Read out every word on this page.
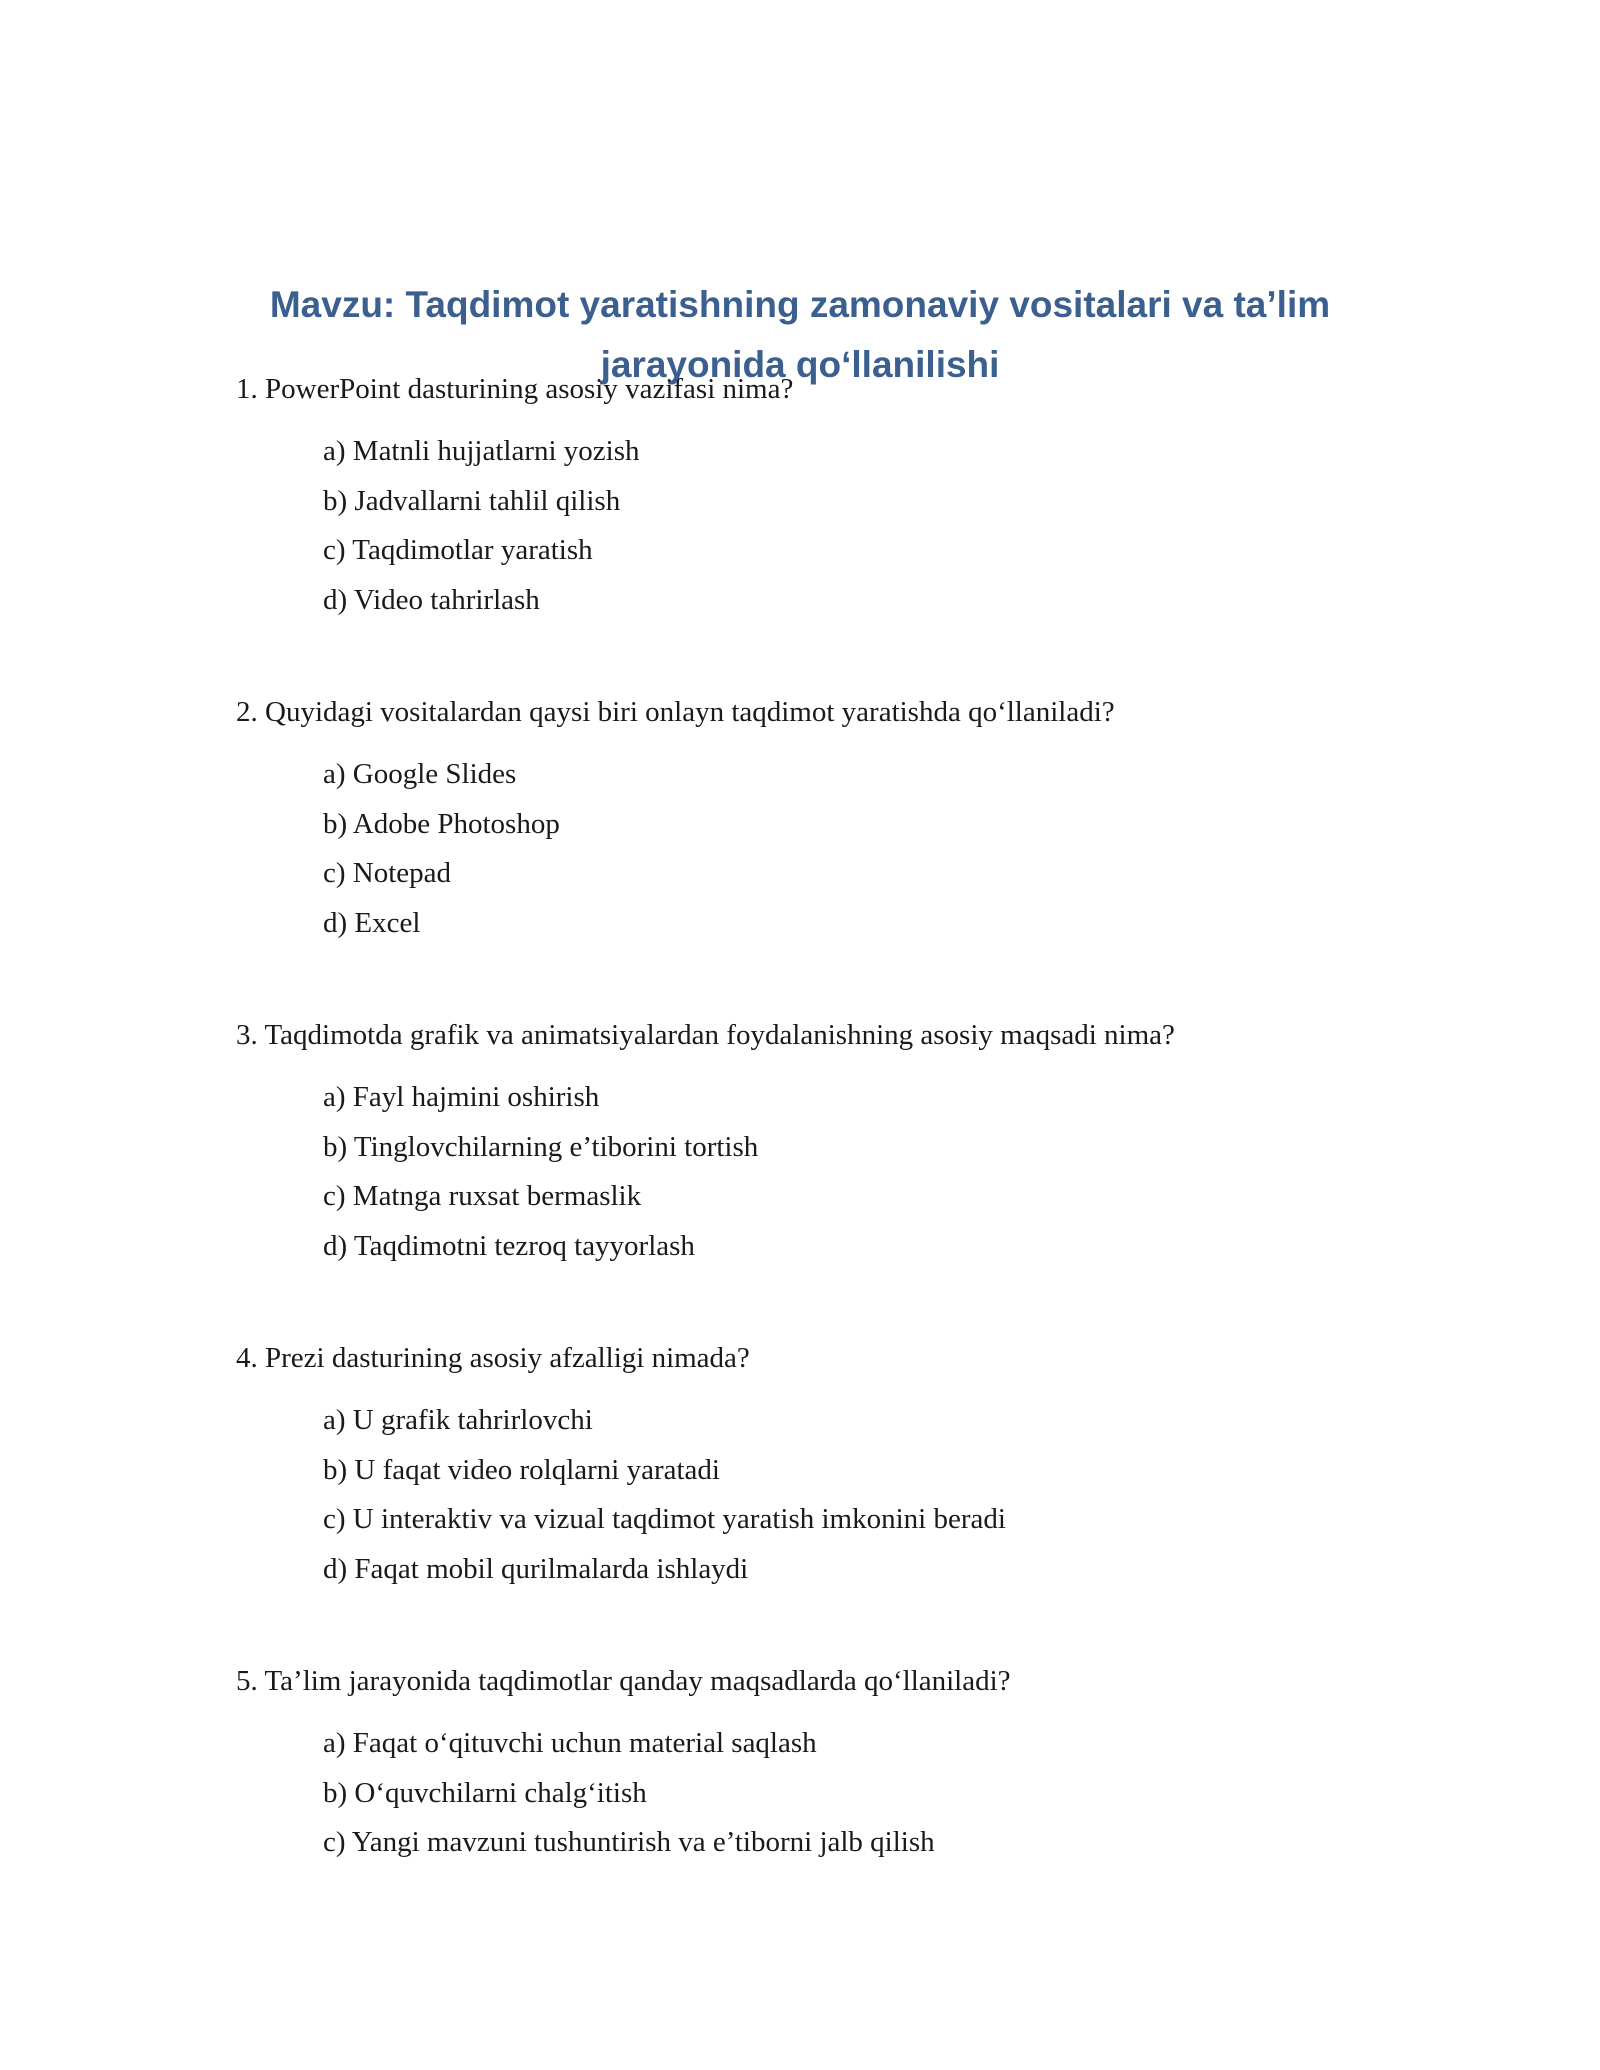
Mavzu: Taqdimot yaratishning zamonaviy vositalari va ta’lim
jarayonida qo‘llanilishi

1. PowerPoint dasturining asosiy vazifasi nima?

a) Matnli hujjatlarni yozish
b) Jadvallarni tahlil qilish
c) Taqdimotlar yaratish
d) Video tahrirlash

2. Quyidagi vositalardan qaysi biri onlayn taqdimot yaratishda qo‘llaniladi?

a) Google Slides
b) Adobe Photoshop
c) Notepad
d) Excel

3. Taqdimotda grafik va animatsiyalardan foydalanishning asosiy maqsadi nima?

a) Fayl hajmini oshirish
b) Tinglovchilarning e’tiborini tortish
c) Matnga ruxsat bermaslik
d) Taqdimotni tezroq tayyorlash

4. Prezi dasturining asosiy afzalligi nimada?

a) U grafik tahrirlovchi
b) U faqat video rolqlarni yaratadi
c) U interaktiv va vizual taqdimot yaratish imkonini beradi
d) Faqat mobil qurilmalarda ishlaydi

5. Ta’lim jarayonida taqdimotlar qanday maqsadlarda qo‘llaniladi?

a) Faqat o‘qituvchi uchun material saqlash
b) O‘quvchilarni chalg‘itish
c) Yangi mavzuni tushuntirish va e’tiborni jalb qilish
